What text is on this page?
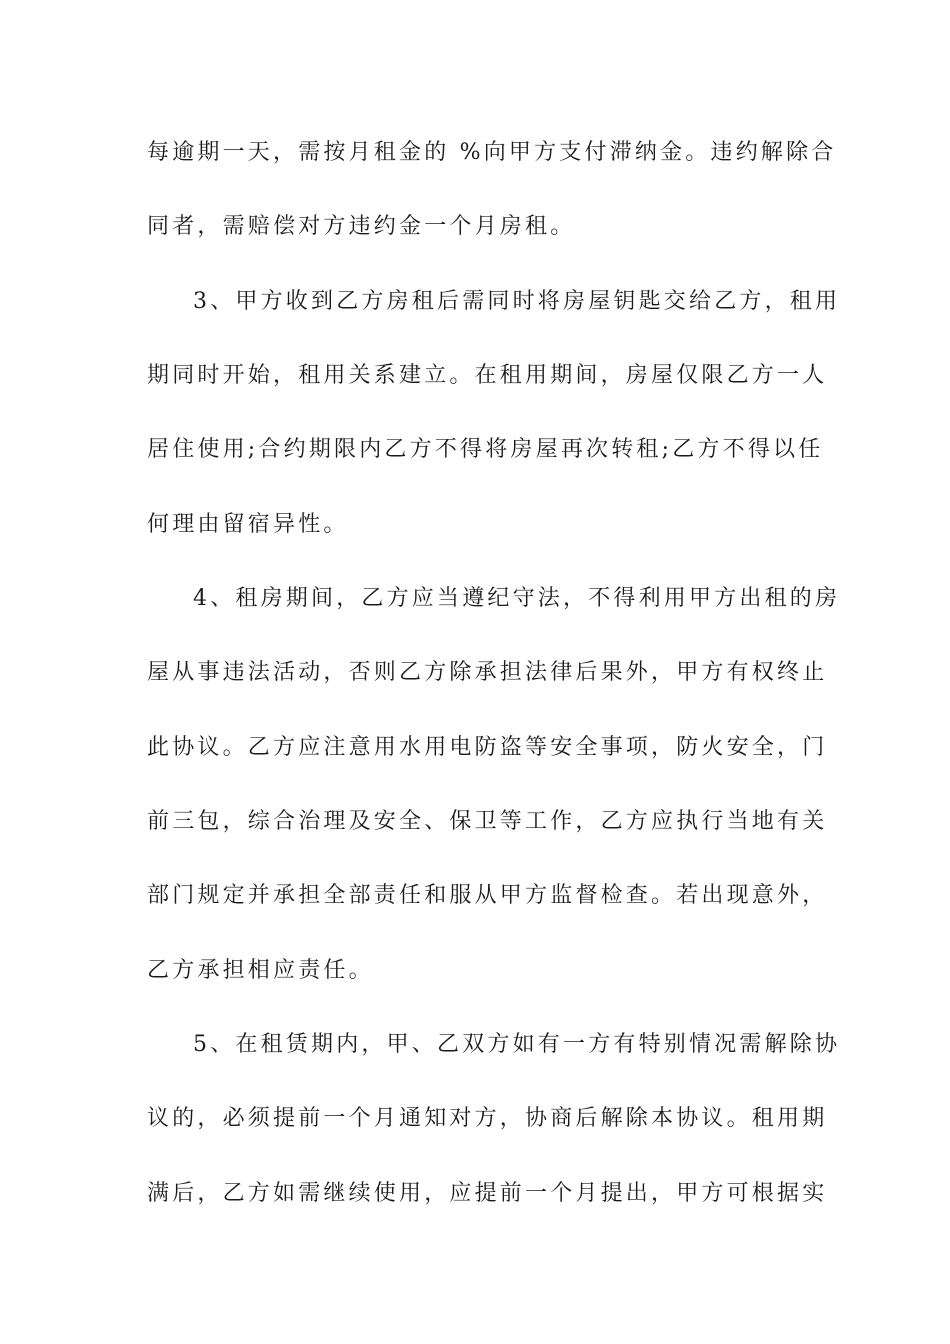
每逾期一天，需按月租金的 %向甲方支付滞纳金。违约解除合
同者，需赔偿对方违约金一个月房租。
3、甲方收到乙方房租后需同时将房屋钥匙交给乙方，租用
期同时开始，租用关系建立。在租用期间，房屋仅限乙方一人
居住使用;合约期限内乙方不得将房屋再次转租;乙方不得以任
何理由留宿异性。
4、租房期间，乙方应当遵纪守法，不得利用甲方出租的房
屋从事违法活动，否则乙方除承担法律后果外，甲方有权终止
此协议。乙方应注意用水用电防盗等安全事项，防火安全，门
前三包，综合治理及安全、保卫等工作，乙方应执行当地有关
部门规定并承担全部责任和服从甲方监督检查。若出现意外，
乙方承担相应责任。
5、在租赁期内，甲、乙双方如有一方有特别情况需解除协
议的，必须提前一个月通知对方，协商后解除本协议。租用期
满后，乙方如需继续使用，应提前一个月提出，甲方可根据实
